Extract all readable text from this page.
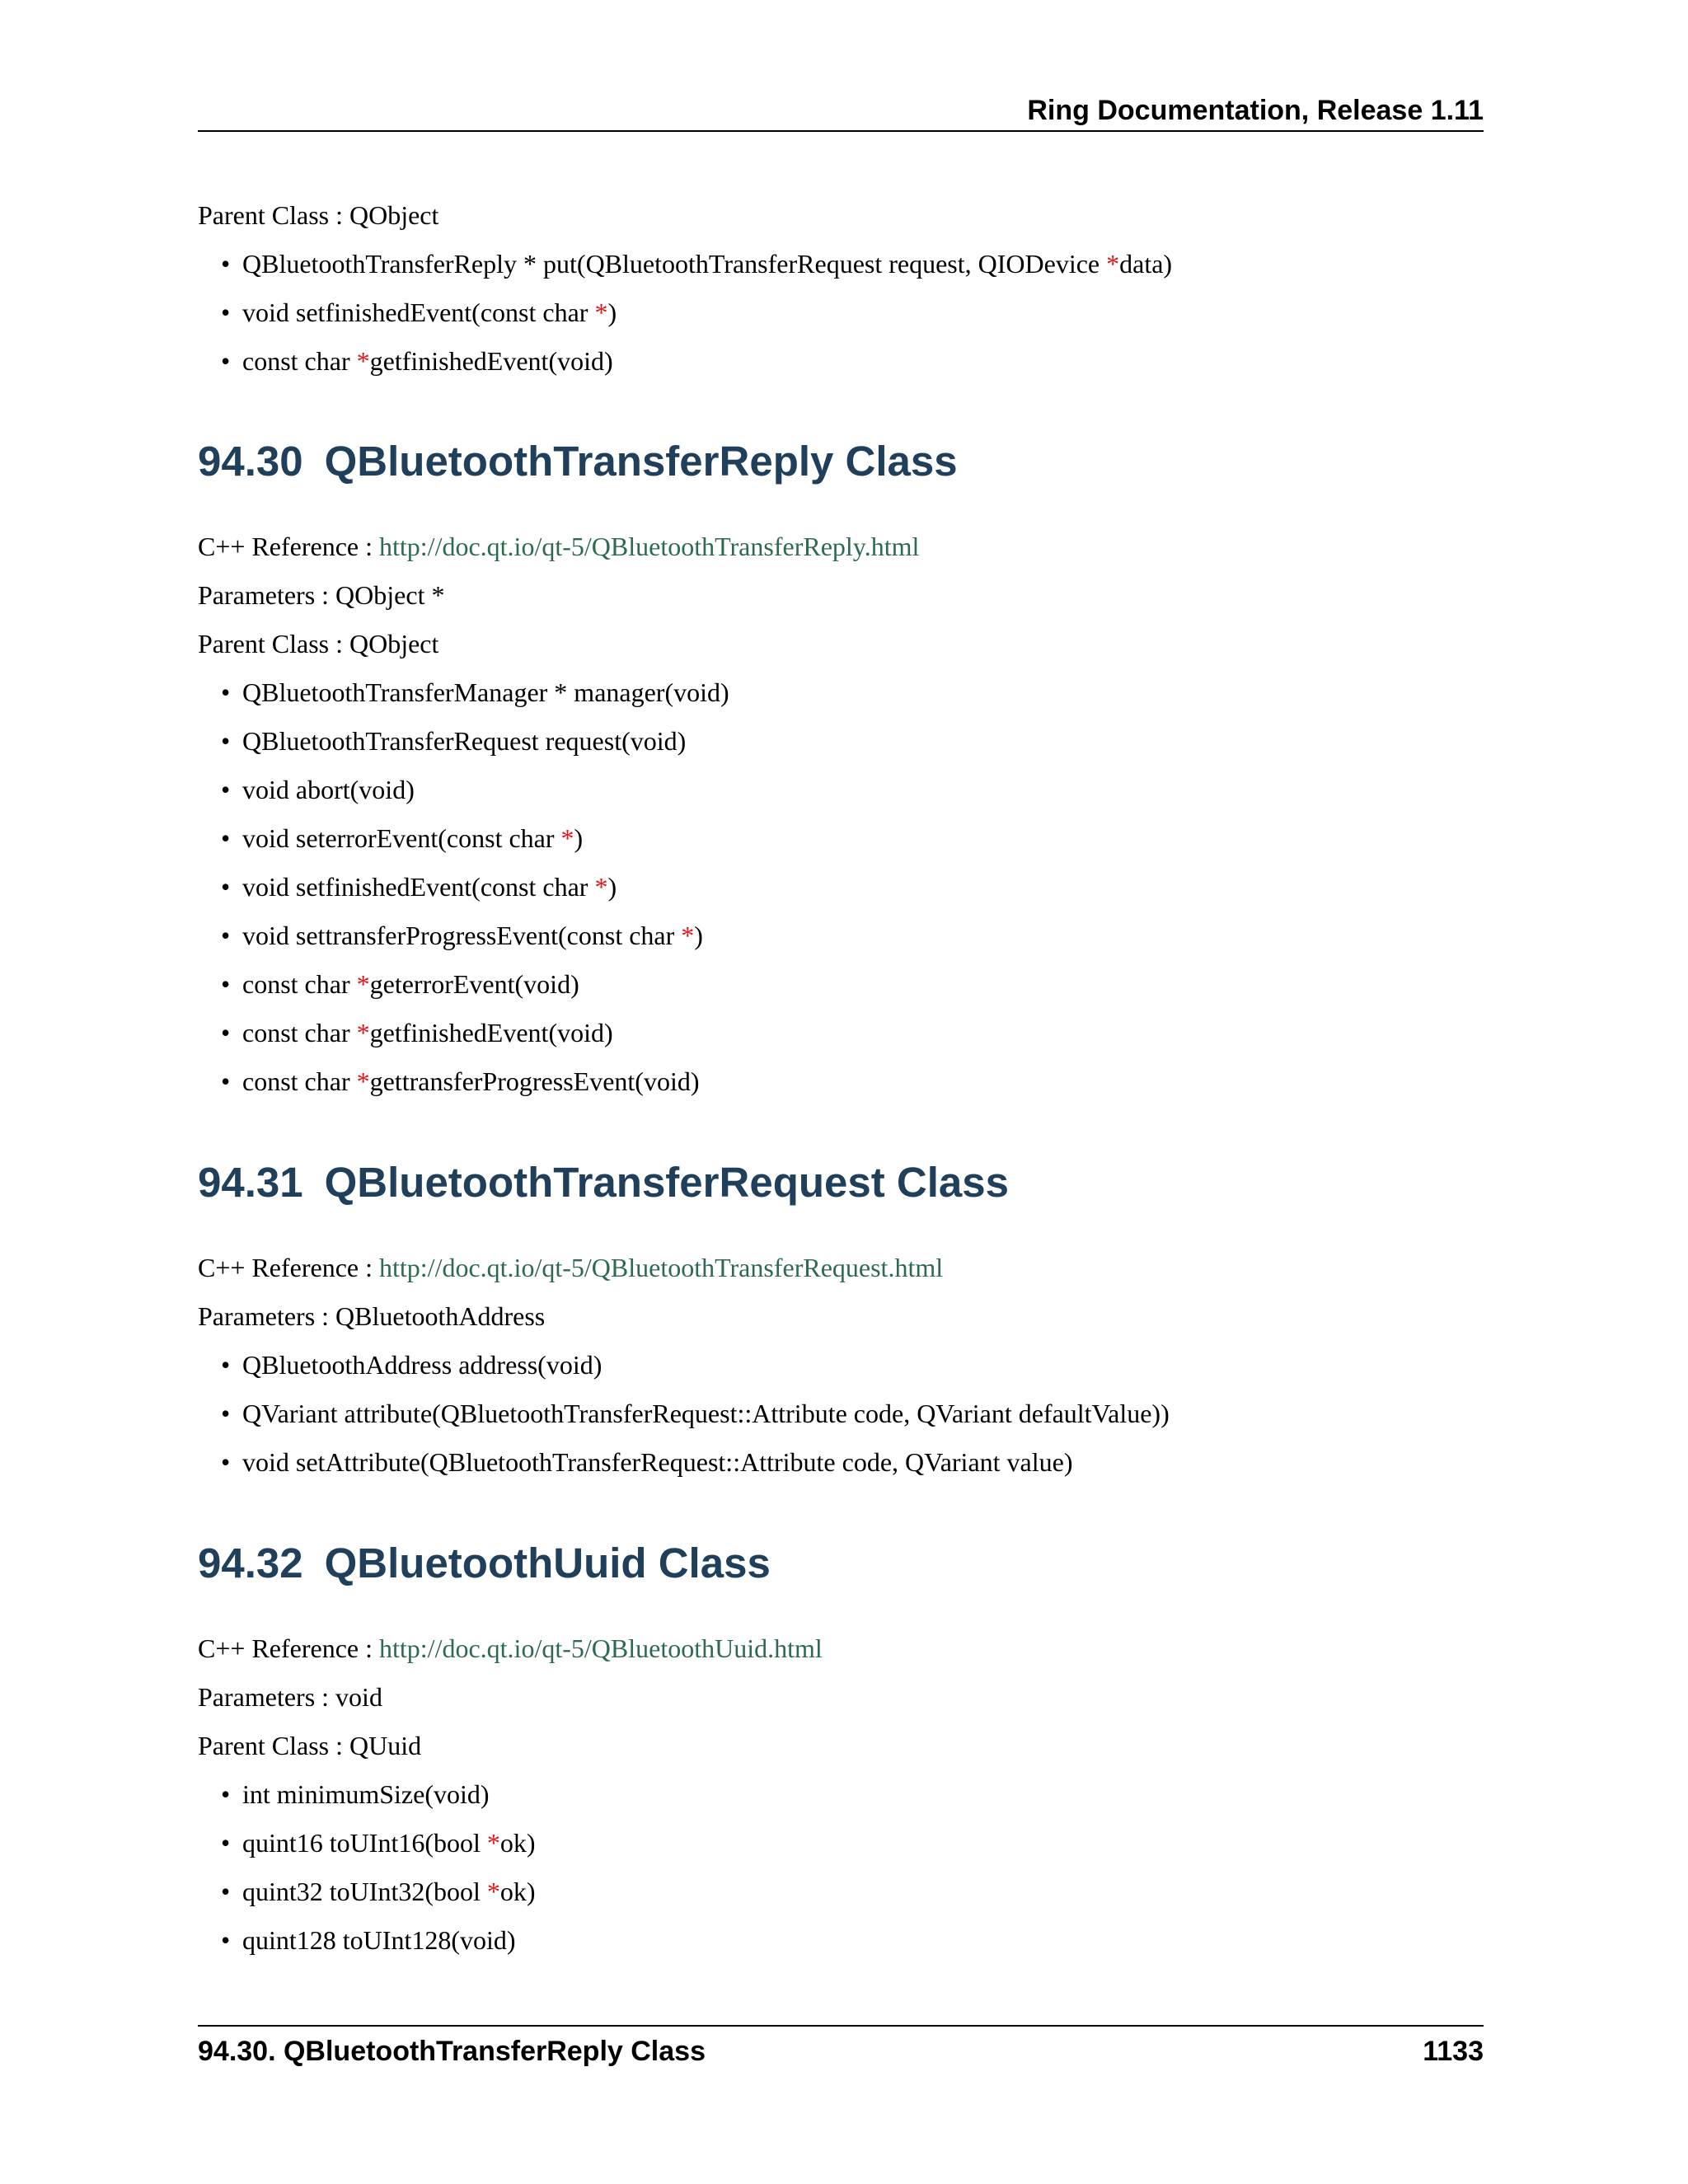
Ring Documentation, Release 1.11
Parent Class : QObject
• QBluetoothTransferReply * put(QBluetoothTransferRequest request, QIODevice *data)
• void setfinishedEvent(const char *)
• const char *getfinishedEvent(void)
94.30 QBluetoothTransferReply Class
C++ Reference : http://doc.qt.io/qt-5/QBluetoothTransferReply.html
Parameters : QObject *
Parent Class : QObject
• QBluetoothTransferManager * manager(void)
• QBluetoothTransferRequest request(void)
• void abort(void)
• void seterrorEvent(const char *)
• void setfinishedEvent(const char *)
• void settransferProgressEvent(const char *)
• const char *geterrorEvent(void)
• const char *getfinishedEvent(void)
• const char *gettransferProgressEvent(void)
94.31 QBluetoothTransferRequest Class
C++ Reference : http://doc.qt.io/qt-5/QBluetoothTransferRequest.html
Parameters : QBluetoothAddress
• QBluetoothAddress address(void)
• QVariant attribute(QBluetoothTransferRequest::Attribute code, QVariant defaultValue))
• void setAttribute(QBluetoothTransferRequest::Attribute code, QVariant value)
94.32 QBluetoothUuid Class
C++ Reference : http://doc.qt.io/qt-5/QBluetoothUuid.html
Parameters : void
Parent Class : QUuid
• int minimumSize(void)
• quint16 toUInt16(bool *ok)
• quint32 toUInt32(bool *ok)
• quint128 toUInt128(void)
94.30. QBluetoothTransferReply Class	1133
